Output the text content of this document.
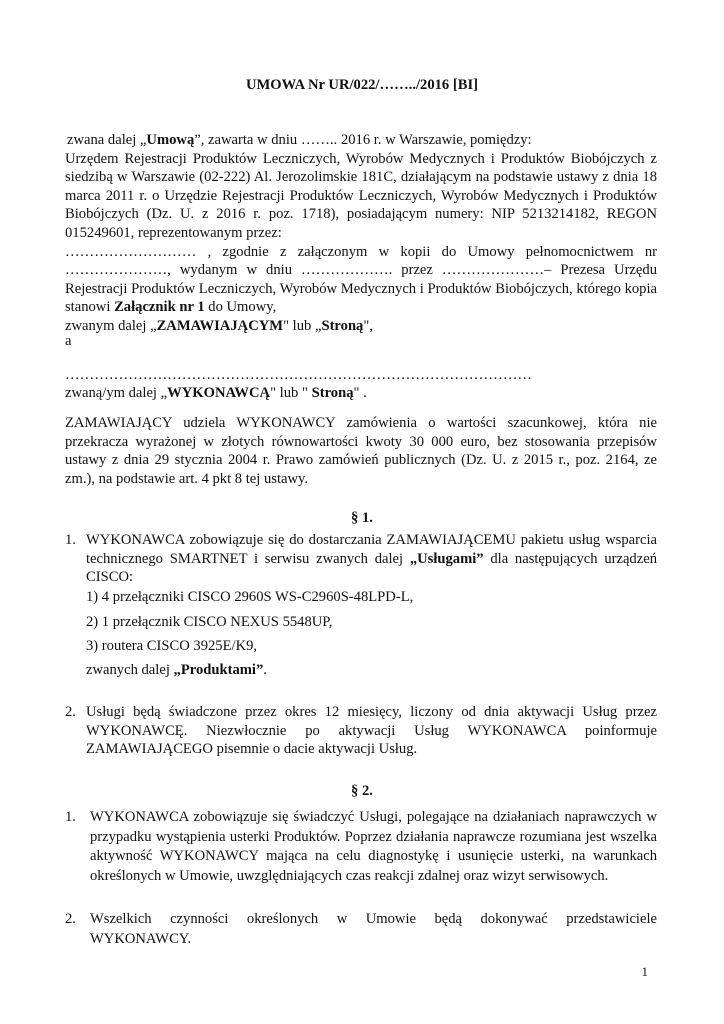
UMOWA Nr UR/022/……../2016 [BI]
zwana dalej „Umową”, zawarta w dniu …….. 2016 r. w Warszawie, pomiędzy:
Urzędem Rejestracji Produktów Leczniczych, Wyrobów Medycznych i Produktów Biobójczych z siedzibą w Warszawie (02-222) Al. Jerozolimskie 181C, działającym na podstawie ustawy z dnia 18 marca 2011 r. o Urzędzie Rejestracji Produktów Leczniczych, Wyrobów Medycznych i Produktów Biobójczych (Dz. U. z 2016 r. poz. 1718), posiadającym numery: NIP 5213214182, REGON 015249601, reprezentowanym przez:
……………………… , zgodnie z załączonym w kopii do Umowy pełnomocnictwem nr …………………, wydanym w dniu ………………. przez …………………– Prezesa Urzędu Rejestracji Produktów Leczniczych, Wyrobów Medycznych i Produktów Biobójczych, którego kopia stanowi Załącznik nr 1 do Umowy,
zwanym dalej „ZAMAWIAJĄCYM" lub „Stroną",
a
……………………………………………………………………………………
zwaną/ym dalej „WYKONAWCĄ" lub " Stroną" .
ZAMAWIAJĄCY udziela WYKONAWCY zamówienia o wartości szacunkowej, która nie przekracza wyrażonej w złotych równowartości kwoty 30 000 euro, bez stosowania przepisów ustawy z dnia 29 stycznia 2004 r. Prawo zamówień publicznych (Dz. U. z 2015 r., poz. 2164, ze zm.), na podstawie art. 4 pkt 8 tej ustawy.
§ 1.
1. WYKONAWCA zobowiązuje się do dostarczania ZAMAWIAJĄCEMU pakietu usług wsparcia technicznego SMARTNET i serwisu zwanych dalej „Usługami” dla następujących urządzeń CISCO:
1) 4 przełączniki CISCO 2960S WS-C2960S-48LPD-L,
2) 1 przełącznik CISCO NEXUS 5548UP,
3) routera CISCO 3925E/K9,
zwanych dalej „Produktami”.
2. Usługi będą świadczone przez okres 12 miesięcy, liczony od dnia aktywacji Usług przez WYKONAWCĘ. Niezwłocznie po aktywacji Usług WYKONAWCA poinformuje ZAMAWIAJĄCEGO pisemnie o dacie aktywacji Usług.
§ 2.
1. WYKONAWCA zobowiązuje się świadczyć Usługi, polegające na działaniach naprawczych w przypadku wystąpienia usterki Produktów. Poprzez działania naprawcze rozumiana jest wszelka aktywność WYKONAWCY mająca na celu diagnostykę i usunięcie usterki, na warunkach określonych w Umowie, uwzględniających czas reakcji zdalnej oraz wizyt serwisowych.
2. Wszelkich czynności określonych w Umowie będą dokonywać przedstawiciele WYKONAWCY.
1
